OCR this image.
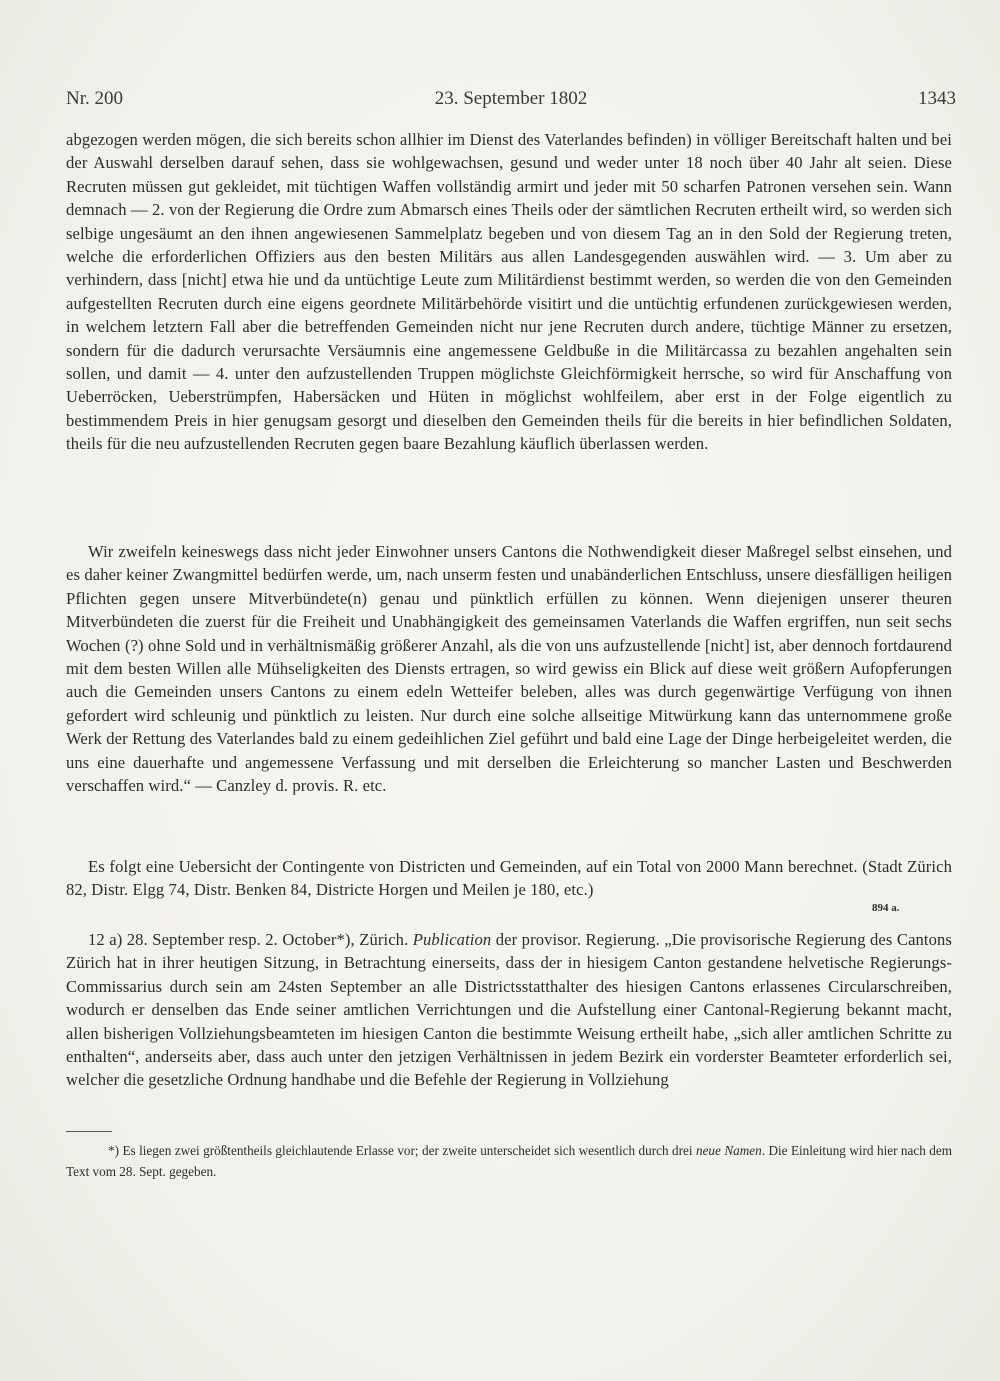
Nr. 200	23. September 1802	1343

abgezogen werden mögen, die sich bereits schon allhier im Dienst des Vaterlandes befinden) in völliger Bereitschaft halten und bei der Auswahl derselben darauf sehen, dass sie wohlgewachsen, gesund und weder unter 18 noch über 40 Jahr alt seien. Diese Recruten müssen gut gekleidet, mit tüchtigen Waffen vollständig armirt und jeder mit 50 scharfen Patronen versehen sein. Wann demnach — 2. von der Regierung die Ordre zum Abmarsch eines Theils oder der sämtlichen Recruten ertheilt wird, so werden sich selbige ungesäumt an den ihnen angewiesenen Sammelplatz begeben und von diesem Tag an in den Sold der Regierung treten, welche die erforderlichen Offiziers aus den besten Militärs aus allen Landesgegenden auswählen wird. — 3. Um aber zu verhindern, dass [nicht] etwa hie und da untüchtige Leute zum Militärdienst bestimmt werden, so werden die von den Gemeinden aufgestellten Recruten durch eine eigens geordnete Militärbehörde visitirt und die untüchtig erfundenen zurückgewiesen werden, in welchem letztern Fall aber die betreffenden Gemeinden nicht nur jene Recruten durch andere, tüchtige Männer zu ersetzen, sondern für die dadurch verursachte Versäumnis eine angemessene Geldbuße in die Militärcassa zu bezahlen angehalten sein sollen, und damit — 4. unter den aufzustellenden Truppen möglichste Gleichförmigkeit herrsche, so wird für Anschaffung von Ueberröcken, Ueberstrümpfen, Habersäcken und Hüten in möglichst wohlfeilem, aber erst in der Folge eigentlich zu bestimmendem Preis in hier genugsam gesorgt und dieselben den Gemeinden theils für die bereits in hier befindlichen Soldaten, theils für die neu aufzustellenden Recruten gegen baare Bezahlung käuflich überlassen werden.

Wir zweifeln keineswegs dass nicht jeder Einwohner unsers Cantons die Nothwendigkeit dieser Maßregel selbst einsehen, und es daher keiner Zwangmittel bedürfen werde, um, nach unserm festen und unabänderlichen Entschluss, unsere diesfälligen heiligen Pflichten gegen unsere Mitverbündete(n) genau und pünktlich erfüllen zu können. Wenn diejenigen unserer theuren Mitverbündeten die zuerst für die Freiheit und Unabhängigkeit des gemeinsamen Vaterlands die Waffen ergriffen, nun seit sechs Wochen (?) ohne Sold und in verhältnismäßig größerer Anzahl, als die von uns aufzustellende [nicht] ist, aber dennoch fortdaurend mit dem besten Willen alle Mühseligkeiten des Diensts ertragen, so wird gewiss ein Blick auf diese weit größern Aufopferungen auch die Gemeinden unsers Cantons zu einem edeln Wetteifer beleben, alles was durch gegenwärtige Verfügung von ihnen gefordert wird schleunig und pünktlich zu leisten. Nur durch eine solche allseitige Mitwürkung kann das unternommene große Werk der Rettung des Vaterlandes bald zu einem gedeihlichen Ziel geführt und bald eine Lage der Dinge herbeigeleitet werden, die uns eine dauerhafte und angemessene Verfassung und mit derselben die Erleichterung so mancher Lasten und Beschwerden verschaffen wird.“ — Canzley d. provis. R. etc.

Es folgt eine Uebersicht der Contingente von Districten und Gemeinden, auf ein Total von 2000 Mann berechnet. (Stadt Zürich 82, Distr. Elgg 74, Distr. Benken 84, Districte Horgen und Meilen je 180, etc.)

894 a.

12 a) 28. September resp. 2. October*), Zürich. Publication der provisor. Regierung. „Die provisorische Regierung des Cantons Zürich hat in ihrer heutigen Sitzung, in Betrachtung einerseits, dass der in hiesigem Canton gestandene helvetische Regierungs-Commissarius durch sein am 24sten September an alle Districtsstatthalter des hiesigen Cantons erlassenes Circularschreiben, wodurch er denselben das Ende seiner amtlichen Verrichtungen und die Aufstellung einer Cantonal-Regierung bekannt macht, allen bisherigen Vollziehungsbeamteten im hiesigen Canton die bestimmte Weisung ertheilt habe, „sich aller amtlichen Schritte zu enthalten“, anderseits aber, dass auch unter den jetzigen Verhältnissen in jedem Bezirk ein vorderster Beamteter erforderlich sei, welcher die gesetzliche Ordnung handhabe und die Befehle der Regierung in Vollziehung

*) Es liegen zwei größtentheils gleichlautende Erlasse vor; der zweite unterscheidet sich wesentlich durch drei neue Namen. Die Einleitung wird hier nach dem Text vom 28. Sept. gegeben.
